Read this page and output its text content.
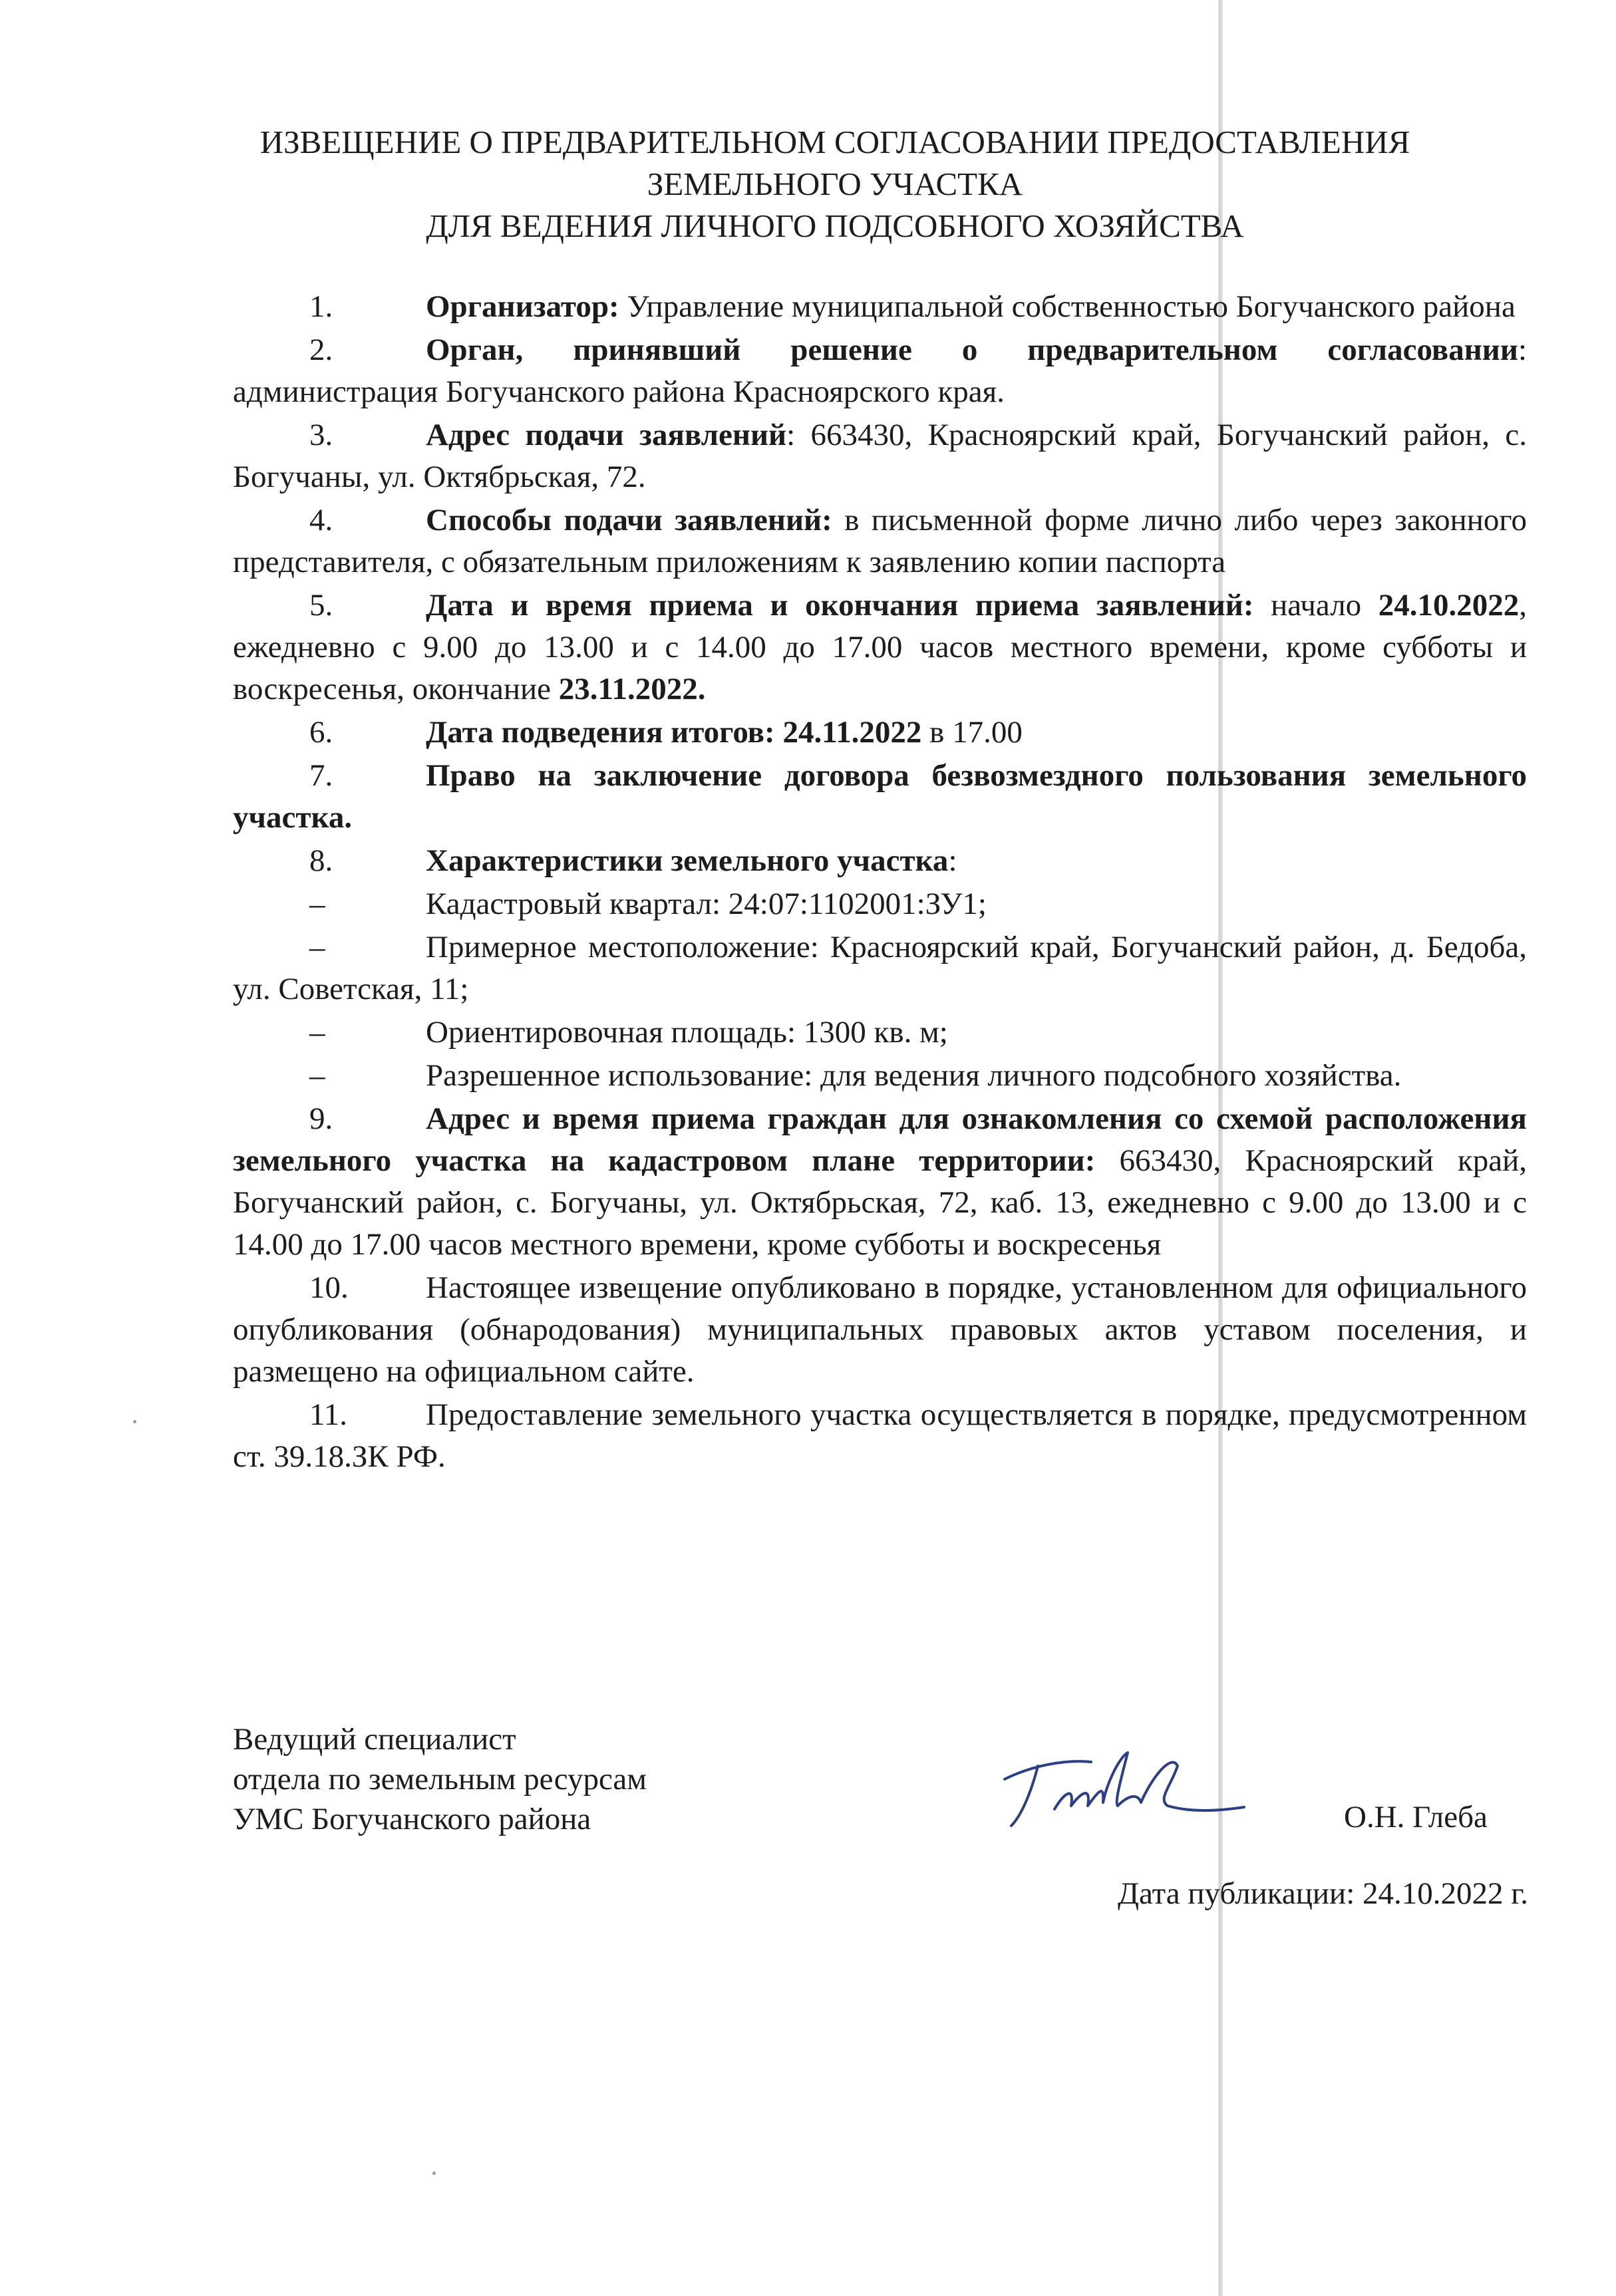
ИЗВЕЩЕНИЕ О ПРЕДВАРИТЕЛЬНОМ СОГЛАСОВАНИИ ПРЕДОСТАВЛЕНИЯ
ЗЕМЕЛЬНОГО УЧАСТКА
ДЛЯ ВЕДЕНИЯ ЛИЧНОГО ПОДСОБНОГО ХОЗЯЙСТВА

1.	Организатор: Управление муниципальной собственностью Богучанского района

2.	Орган, принявший решение о предварительном согласовании: администрация Богучанского района Красноярского края.

3.	Адрес подачи заявлений: 663430, Красноярский край, Богучанский район, с. Богучаны, ул. Октябрьская, 72.

4.	Способы подачи заявлений: в письменной форме лично либо через законного представителя, с обязательным приложениям к заявлению копии паспорта

5.	Дата и время приема и окончания приема заявлений: начало 24.10.2022, ежедневно с 9.00 до 13.00 и с 14.00 до 17.00 часов местного времени, кроме субботы и воскресенья, окончание 23.11.2022.

6.	Дата подведения итогов: 24.11.2022 в 17.00

7.	Право на заключение договора безвозмездного пользования земельного участка.

8.	Характеристики земельного участка:

–	Кадастровый квартал: 24:07:1102001:ЗУ1;

–	Примерное местоположение: Красноярский край, Богучанский район, д. Бедоба, ул. Советская, 11;

–	Ориентировочная площадь: 1300 кв. м;

–	Разрешенное использование: для ведения личного подсобного хозяйства.

9.	Адрес и время приема граждан для ознакомления со схемой расположения земельного участка на кадастровом плане территории: 663430, Красноярский край, Богучанский район, с. Богучаны, ул. Октябрьская, 72, каб. 13, ежедневно с 9.00 до 13.00 и с 14.00 до 17.00 часов местного времени, кроме субботы и воскресенья

10. Настоящее извещение опубликовано в порядке, установленном для официального опубликования (обнародования) муниципальных правовых актов уставом поселения, и размещено на официальном сайте.

11.	Предоставление земельного участка осуществляется в порядке, предусмотренном ст. 39.18.ЗК РФ.

Ведущий специалист
отдела по земельным ресурсам
УМС Богучанского района	О.Н. Глеба
Дата публикации: 24.10.2022 г.
